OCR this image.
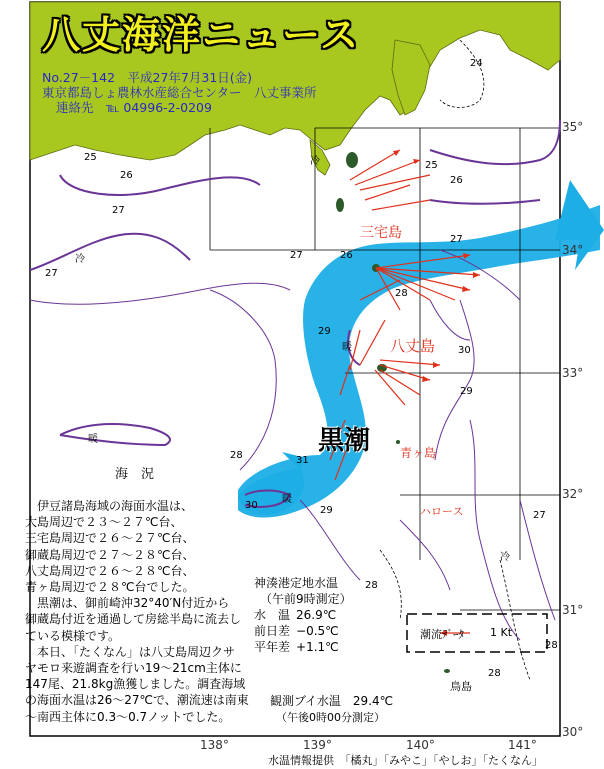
八丈海洋ニュース
No.27－142　平成27年7月31日(金)
東京都島しょ農林水産総合センター　八丈事業所
連絡先　℡ 04996-2-0209
三宅島
八丈島
青ヶ島
ハロース
鳥島
黒潮
冷
冷
冷
暖
暖
暖
25
26
27
24
25
26
27
26
27
28
29
28
30
31
29
30
29
28
28
27
27
28
35°
34°
33°
32°
31°
30°
138°	139°	140°	141°
海　況

　伊豆諸島海域の海面水温は、

大島周辺で２３～２７℃台、

三宅島周辺で２６～２７℃台、

御蔵島周辺で２７～２８℃台、

八丈島周辺で２６～２８℃台、

青ヶ島周辺で２８℃台でした。

　黒潮は、御前崎沖32°40′N付近から

御蔵島付近を通過して房総半島に流去し

ている模様です。

　本日、「たくなん」は八丈島周辺クサ

ヤモロ来遊調査を行い19～21cm主体に

147尾、21.8kg漁獲しました。調査海域

の海面水温は26～27℃で、潮流速は南東

～南西主体に0.3～0.7ノットでした。

神湊港定地水温
（午前9時測定）
水　温 26.9℃
前日差 −0.5℃
平年差 +1.1℃
観測ブイ水温　29.4℃
（午後0時00分測定）
潮流ﾃﾞｰﾀ 1 Kt
水温情報提供　「橘丸」「みやこ」「やしお」「たくなん」
